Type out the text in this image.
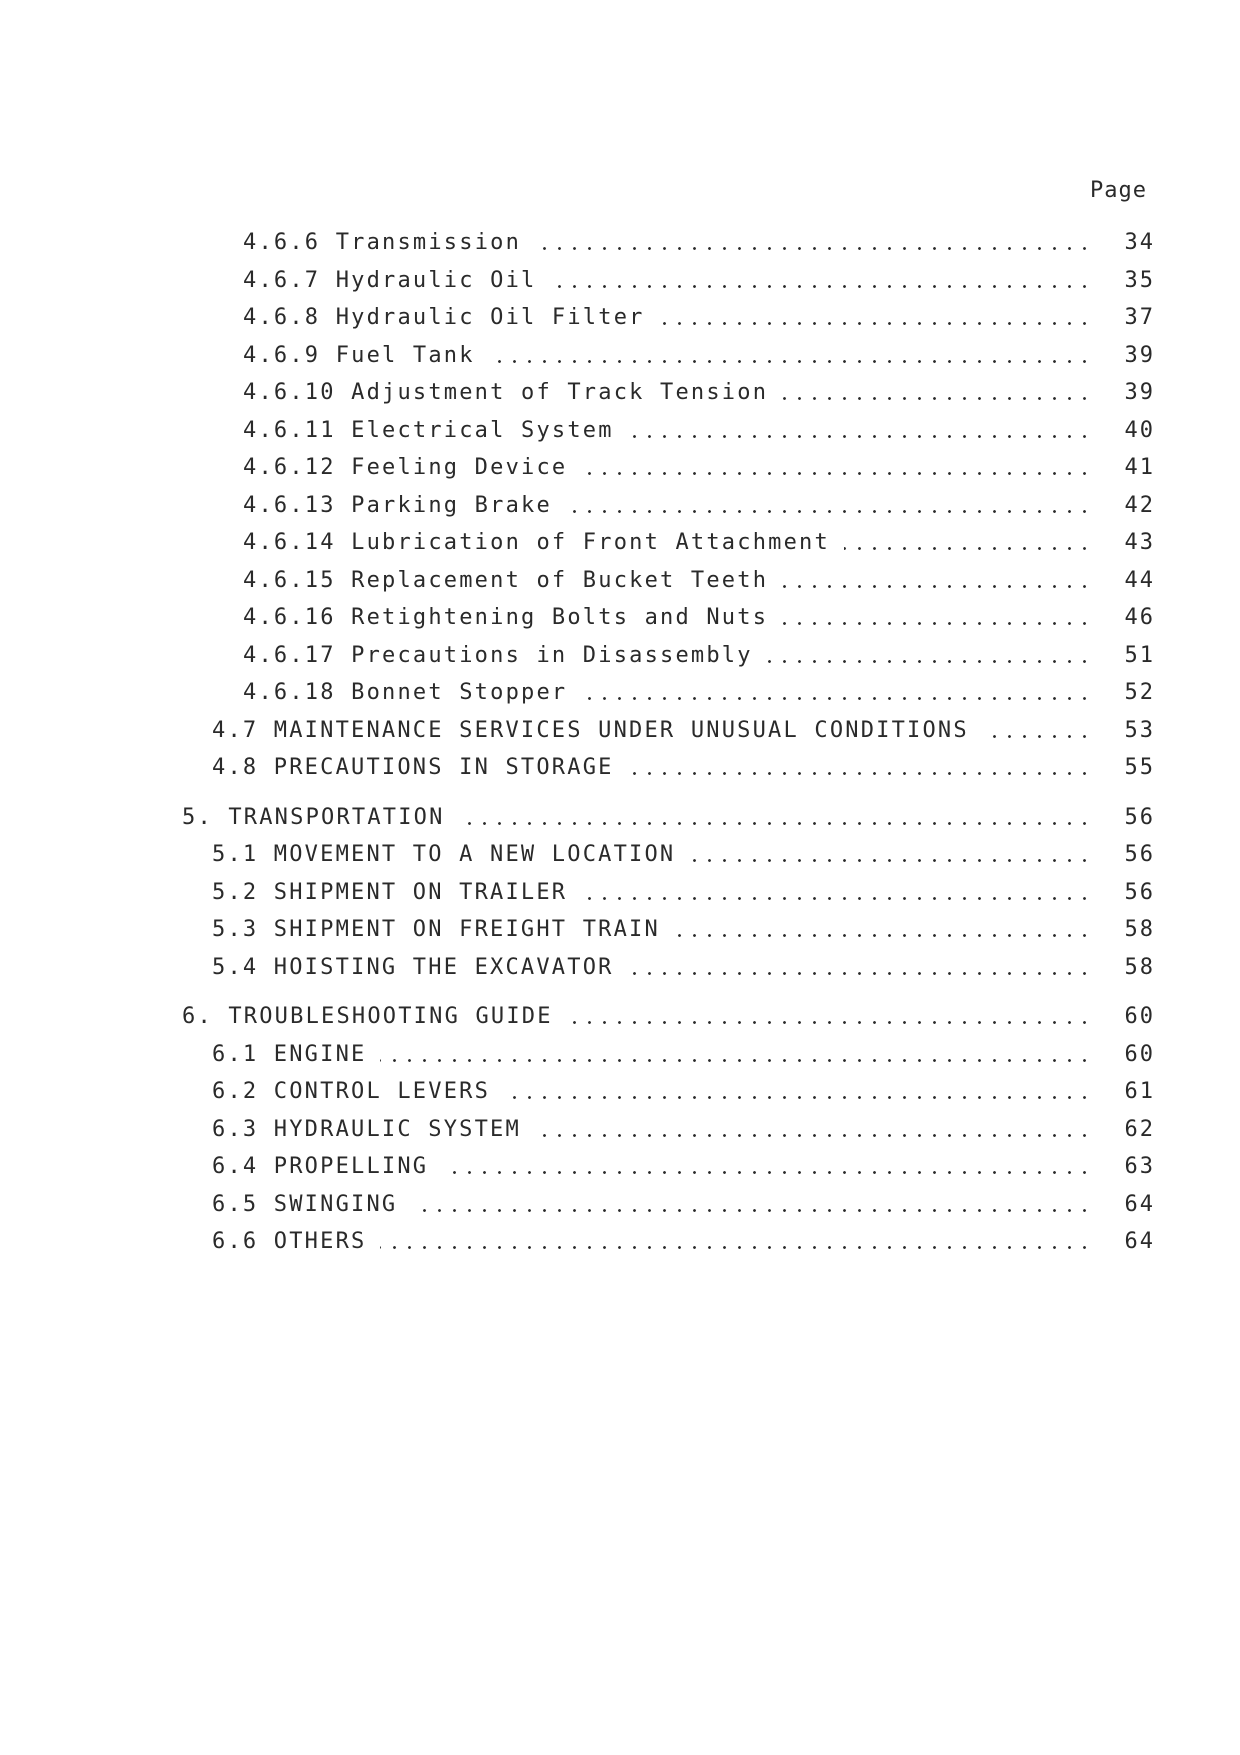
Page
4.6.6 Transmission	34
4.6.7 Hydraulic Oil	35
4.6.8 Hydraulic Oil Filter	37
4.6.9 Fuel Tank	39
4.6.10 Adjustment of Track Tension	39
4.6.11 Electrical System	40
4.6.12 Feeling Device	41
4.6.13 Parking Brake	42
4.6.14 Lubrication of Front Attachment	43
4.6.15 Replacement of Bucket Teeth	44
4.6.16 Retightening Bolts and Nuts	46
4.6.17 Precautions in Disassembly	51
4.6.18 Bonnet Stopper	52
4.7 MAINTENANCE SERVICES UNDER UNUSUAL CONDITIONS	53
4.8 PRECAUTIONS IN STORAGE	55
5. TRANSPORTATION	56
5.1 MOVEMENT TO A NEW LOCATION	56
5.2 SHIPMENT ON TRAILER	56
5.3 SHIPMENT ON FREIGHT TRAIN	58
5.4 HOISTING THE EXCAVATOR	58
6. TROUBLESHOOTING GUIDE	60
6.1 ENGINE	60
6.2 CONTROL LEVERS	61
6.3 HYDRAULIC SYSTEM	62
6.4 PROPELLING	63
6.5 SWINGING	64
6.6 OTHERS	64
